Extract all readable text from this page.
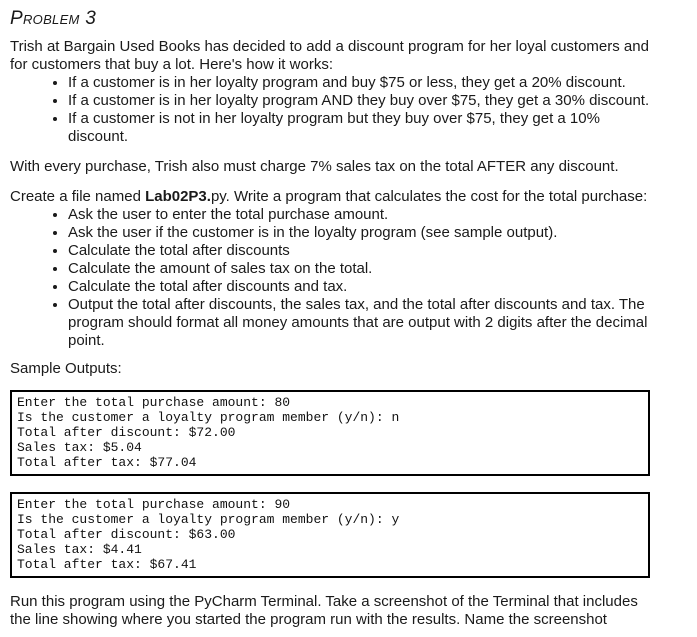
Problem 3

Trish at Bargain Used Books has decided to add a discount program for her loyal customers and for customers that buy a lot. Here's how it works:

• If a customer is in her loyalty program and buy $75 or less, they get a 20% discount.
• If a customer is in her loyalty program AND they buy over $75, they get a 30% discount.
• If a customer is not in her loyalty program but they buy over $75, they get a 10% discount.

With every purchase, Trish also must charge 7% sales tax on the total AFTER any discount.

Create a file named Lab02P3.py. Write a program that calculates the cost for the total purchase:

• Ask the user to enter the total purchase amount.
• Ask the user if the customer is in the loyalty program (see sample output).
• Calculate the total after discounts
• Calculate the amount of sales tax on the total.
• Calculate the total after discounts and tax.
• Output the total after discounts, the sales tax, and the total after discounts and tax. The program should format all money amounts that are output with 2 digits after the decimal point.

Sample Outputs:

Enter the total purchase amount: 80
Is the customer a loyalty program member (y/n): n
Total after discount: $72.00
Sales tax: $5.04
Total after tax: $77.04
Enter the total purchase amount: 90
Is the customer a loyalty program member (y/n): y
Total after discount: $63.00
Sales tax: $4.41
Total after tax: $67.41

Run this program using the PyCharm Terminal. Take a screenshot of the Terminal that includes the line showing where you started the program run with the results. Name the screenshot
